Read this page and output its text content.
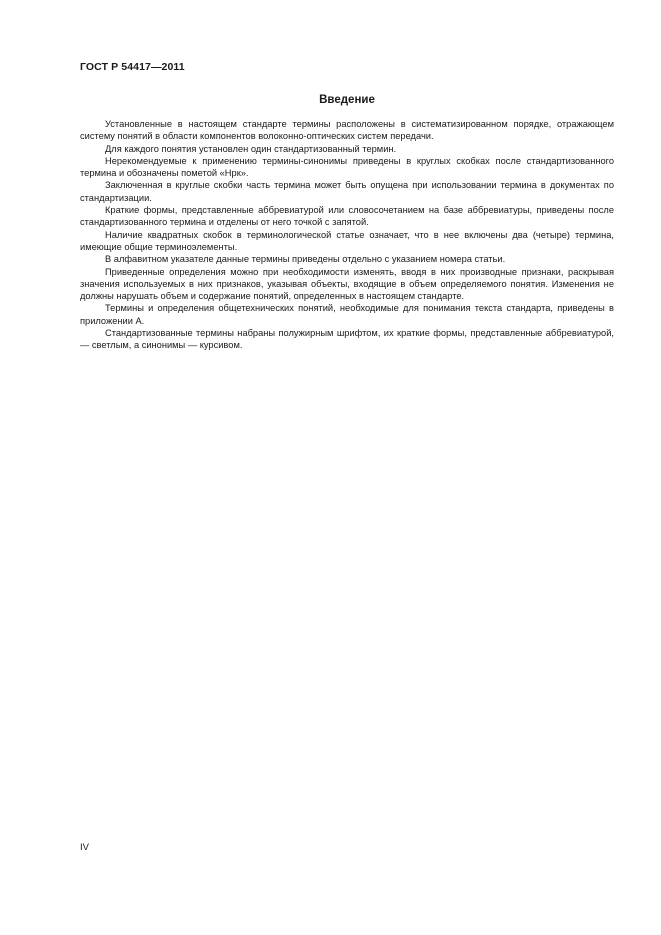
ГОСТ Р 54417—2011
Введение

Установленные в настоящем стандарте термины расположены в систематизированном порядке, отражающем систему понятий в области компонентов волоконно-оптических систем передачи.

Для каждого понятия установлен один стандартизованный термин.

Нерекомендуемые к применению термины-синонимы приведены в круглых скобках после стандартизованного термина и обозначены пометой «Нрк».

Заключенная в круглые скобки часть термина может быть опущена при использовании термина в документах по стандартизации.

Краткие формы, представленные аббревиатурой или словосочетанием на базе аббревиатуры, приведены после стандартизованного термина и отделены от него точкой с запятой.

Наличие квадратных скобок в терминологической статье означает, что в нее включены два (четыре) термина, имеющие общие терминоэлементы.

В алфавитном указателе данные термины приведены отдельно с указанием номера статьи.

Приведенные определения можно при необходимости изменять, вводя в них производные признаки, раскрывая значения используемых в них признаков, указывая объекты, входящие в объем определяемого понятия. Изменения не должны нарушать объем и содержание понятий, определенных в настоящем стандарте.

Термины и определения общетехнических понятий, необходимые для понимания текста стандарта, приведены в приложении А.

Стандартизованные термины набраны полужирным шрифтом, их краткие формы, представленные аббревиатурой, — светлым, а синонимы — курсивом.

IV
